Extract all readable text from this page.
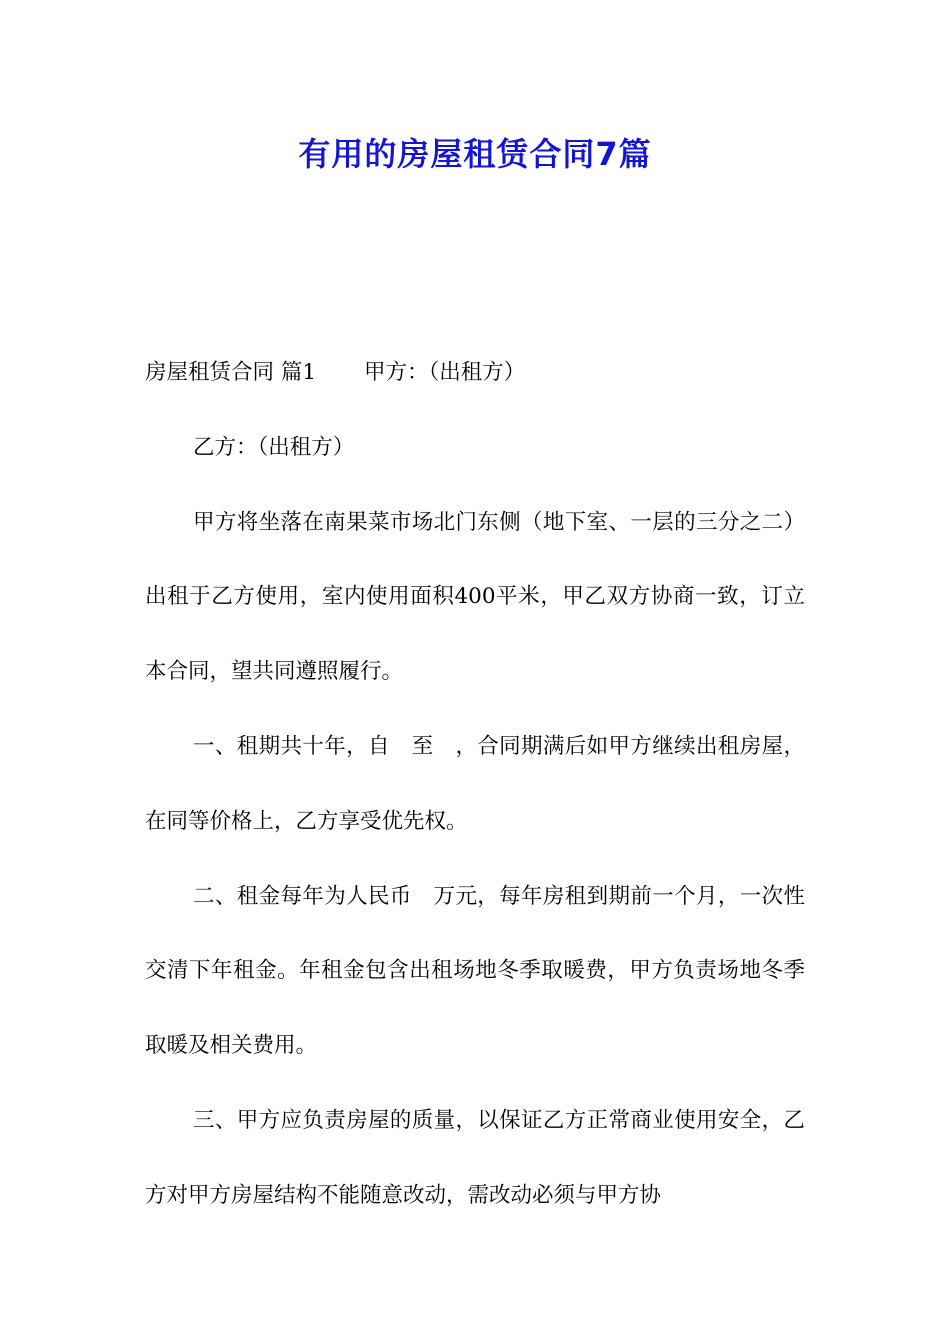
有用的房屋租赁合同7篇

房屋租赁合同 篇1 甲方：（出租方）

乙方：（出租方）

甲方将坐落在南果菜市场北门东侧（地下室、一层的三分之二）出租于乙方使用，室内使用面积400平米，甲乙双方协商一致，订立本合同，望共同遵照履行。

一、租期共十年，自　至　，合同期满后如甲方继续出租房屋，在同等价格上，乙方享受优先权。

二、租金每年为人民币　万元，每年房租到期前一个月，一次性交清下年租金。年租金包含出租场地冬季取暖费，甲方负责场地冬季取暖及相关费用。

三、甲方应负责房屋的质量，以保证乙方正常商业使用安全，乙方对甲方房屋结构不能随意改动，需改动必须与甲方协
